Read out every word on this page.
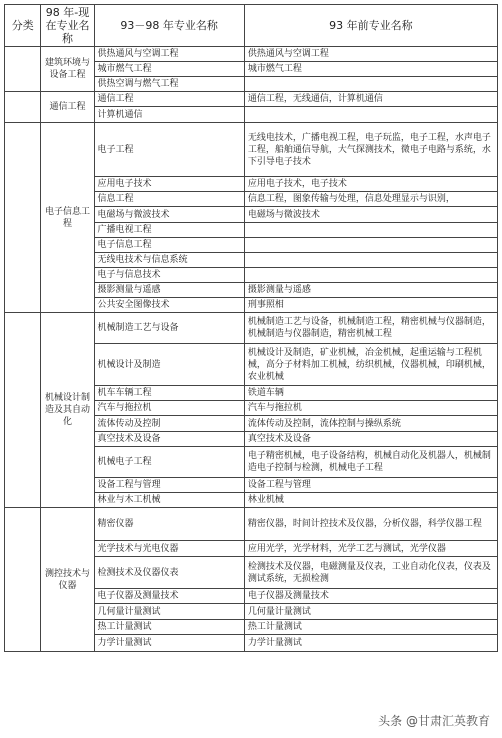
分类	98 年-现在专业名称	93－98 年专业名称	93 年前专业名称
	建筑环境与设备工程	供热通风与空调工程	供热通风与空调工程
		城市燃气工程	城市燃气工程
		供热空调与燃气工程	
	通信工程	通信工程	通信工程，无线通信，计算机通信
		计算机通信	
	电子信息工程	电子工程	无线电技术，广播电视工程，电子玩监，电子工程，水声电子工程，船舶通信导航，大气探测技术，微电子电路与系统，水下引导电子技术
		应用电子技术	应用电子技术，电子技术
		信息工程	信息工程，图象传输与处理，信息处理显示与识别，
		电磁场与微波技术	电磁场与微波技术
		广播电视工程	
		电子信息工程	
		无线电技术与信息系统	
		电子与信息技术	
		摄影测量与遥感	摄影测量与遥感
		公共安全图像技术	刑事照相
	机械设计制造及其自动化	机械制造工艺与设备	机械制造工艺与设备，机械制造工程，精密机械与仪器制造，机械制造与仪器制造，精密机械工程
		机械设计及制造	机械设计及制造，矿业机械，冶金机械，起重运输与工程机械，高分子材料加工机械，纺织机械，仪器机械，印刷机械，农业机械
		机车车辆工程	铁道车辆
		汽车与拖拉机	汽车与拖拉机
		流体传动及控制	流体传动及控制，流体控制与操纵系统
		真空技术及设备	真空技术及设备
		机械电子工程	电子精密机械，电子设备结构，机械自动化及机器人，机械制造电子控制与检测，机械电子工程
		设备工程与管理	设备工程与管理
		林业与木工机械	林业机械
	测控技术与仪器	精密仪器	精密仪器，时间计控技术及仪器，分析仪器，科学仪器工程
		光学技术与光电仪器	应用光学，光学材料，光学工艺与测试，光学仪器
		检测技术及仪器仪表	检测技术及仪器，电磁测量及仪表，工业自动化仪表，仪表及测试系统，无损检测
		电子仪器及测量技术	电子仪器及测量技术
		几何量计量测试	几何量计量测试
		热工计量测试	热工计量测试
		力学计量测试	力学计量测试
头条 @甘肃汇英教育
